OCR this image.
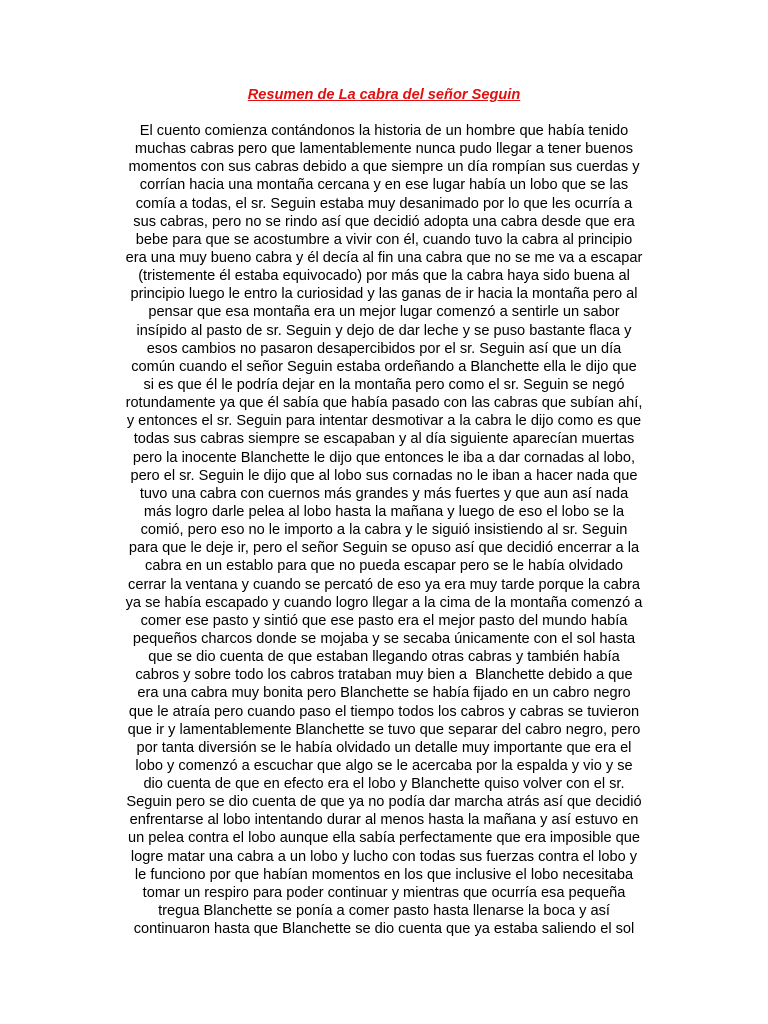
Resumen de La cabra del señor Seguin
El cuento comienza contándonos la historia de un hombre que había tenido
muchas cabras pero que lamentablemente nunca pudo llegar a tener buenos
momentos con sus cabras debido a que siempre un día rompían sus cuerdas y
corrían hacia una montaña cercana y en ese lugar había un lobo que se las
comía a todas, el sr. Seguin estaba muy desanimado por lo que les ocurría a
sus cabras, pero no se rindo así que decidió adopta una cabra desde que era
bebe para que se acostumbre a vivir con él, cuando tuvo la cabra al principio
era una muy bueno cabra y él decía al fin una cabra que no se me va a escapar
(tristemente él estaba equivocado) por más que la cabra haya sido buena al
principio luego le entro la curiosidad y las ganas de ir hacia la montaña pero al
pensar que esa montaña era un mejor lugar comenzó a sentirle un sabor
insípido al pasto de sr. Seguin y dejo de dar leche y se puso bastante flaca y
esos cambios no pasaron desapercibidos por el sr. Seguin así que un día
común cuando el señor Seguin estaba ordeñando a Blanchette ella le dijo que
si es que él le podría dejar en la montaña pero como el sr. Seguin se negó
rotundamente ya que él sabía que había pasado con las cabras que subían ahí,
y entonces el sr. Seguin para intentar desmotivar a la cabra le dijo como es que
todas sus cabras siempre se escapaban y al día siguiente aparecían muertas
pero la inocente Blanchette le dijo que entonces le iba a dar cornadas al lobo,
pero el sr. Seguin le dijo que al lobo sus cornadas no le iban a hacer nada que
tuvo una cabra con cuernos más grandes y más fuertes y que aun así nada
más logro darle pelea al lobo hasta la mañana y luego de eso el lobo se la
comió, pero eso no le importo a la cabra y le siguió insistiendo al sr. Seguin
para que le deje ir, pero el señor Seguin se opuso así que decidió encerrar a la
cabra en un establo para que no pueda escapar pero se le había olvidado
cerrar la ventana y cuando se percató de eso ya era muy tarde porque la cabra
ya se había escapado y cuando logro llegar a la cima de la montaña comenzó a
comer ese pasto y sintió que ese pasto era el mejor pasto del mundo había
pequeños charcos donde se mojaba y se secaba únicamente con el sol hasta
que se dio cuenta de que estaban llegando otras cabras y también había
cabros y sobre todo los cabros trataban muy bien a  Blanchette debido a que
era una cabra muy bonita pero Blanchette se había fijado en un cabro negro
que le atraía pero cuando paso el tiempo todos los cabros y cabras se tuvieron
que ir y lamentablemente Blanchette se tuvo que separar del cabro negro, pero
por tanta diversión se le había olvidado un detalle muy importante que era el
lobo y comenzó a escuchar que algo se le acercaba por la espalda y vio y se
dio cuenta de que en efecto era el lobo y Blanchette quiso volver con el sr.
Seguin pero se dio cuenta de que ya no podía dar marcha atrás así que decidió
enfrentarse al lobo intentando durar al menos hasta la mañana y así estuvo en
un pelea contra el lobo aunque ella sabía perfectamente que era imposible que
logre matar una cabra a un lobo y lucho con todas sus fuerzas contra el lobo y
le funciono por que habían momentos en los que inclusive el lobo necesitaba
tomar un respiro para poder continuar y mientras que ocurría esa pequeña
tregua Blanchette se ponía a comer pasto hasta llenarse la boca y así
continuaron hasta que Blanchette se dio cuenta que ya estaba saliendo el sol
